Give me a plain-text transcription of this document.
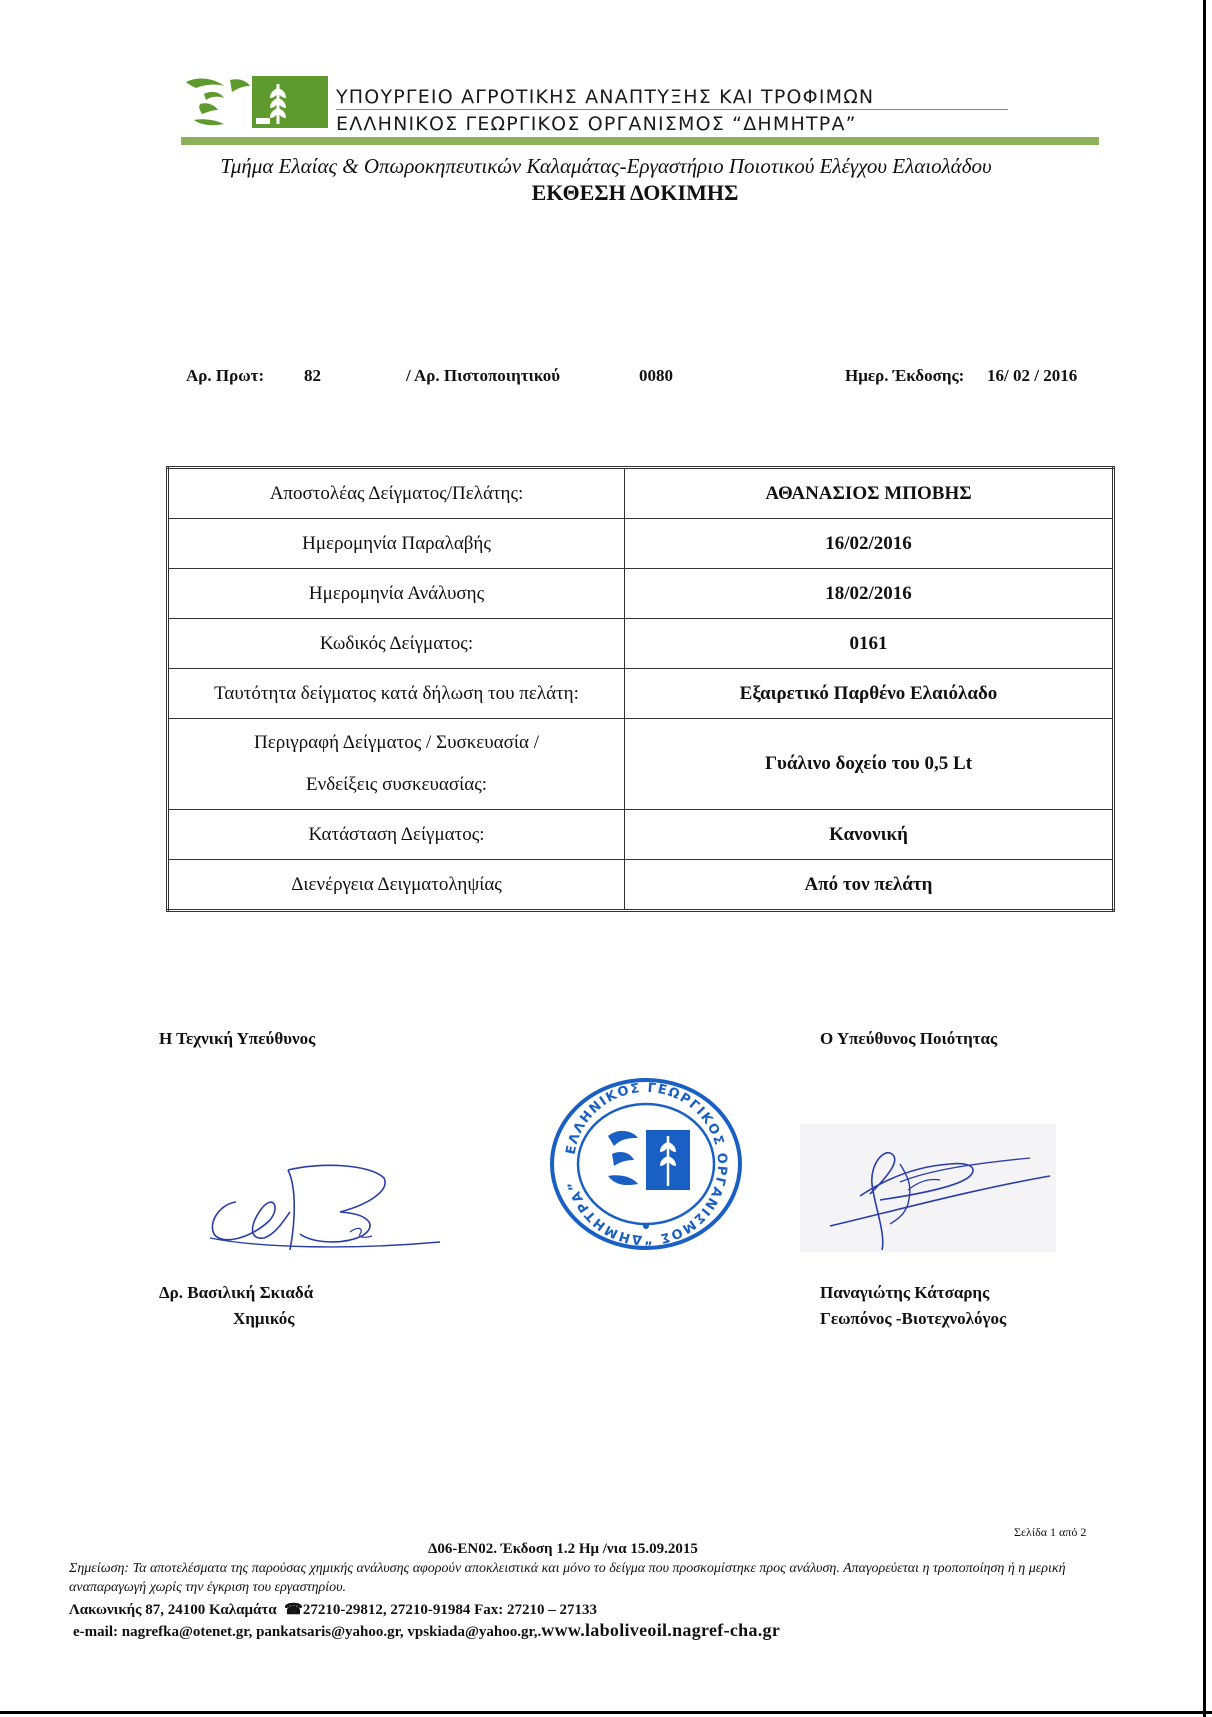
ΥΠΟΥΡΓΕΙΟ ΑΓΡΟΤΙΚΗΣ ΑΝΑΠΤΥΞΗΣ ΚΑΙ ΤΡΟΦΙΜΩΝ
ΕΛΛΗΝΙΚΟΣ ΓΕΩΡΓΙΚΟΣ ΟΡΓΑΝΙΣΜΟΣ “ΔΗΜΗΤΡΑ”
Τμήμα Ελαίας & Οπωροκηπευτικών Καλαμάτας-Εργαστήριο Ποιοτικού Ελέγχου Ελαιολάδου
ΕΚΘΕΣΗ ΔΟΚΙΜΗΣ
Αρ. Πρωτ: 82	/ Αρ. Πιστοποιητικού	0080	Ημερ. Έκδοσης: 16/ 02 / 2016
Αποστολέας Δείγματος/Πελάτης:	ΑΘΑΝΑΣΙΟΣ ΜΠΟΒΗΣ
Ημερομηνία Παραλαβής	16/02/2016
Ημερομηνία Ανάλυσης	18/02/2016
Κωδικός Δείγματος:	0161
Ταυτότητα δείγματος κατά δήλωση του πελάτη:	Εξαιρετικό Παρθένο Ελαιόλαδο

Περιγραφή Δείγματος / Συσκευασία /
Ενδείξεις συσκευασίας:	Γυάλινο δοχείο του 0,5 Lt
Κατάσταση Δείγματος:	Κανονική
Διενέργεια Δειγματοληψίας	Από τον πελάτη
Η Τεχνική Υπεύθυνος	Ο Υπεύθυνος Ποιότητας
ΕΛΛΗΝΙΚΟΣ ΓΕΩΡΓΙΚΟΣ ΟΡΓΑΝΙΣΜΟΣ “ΔΗΜΗΤΡΑ”
Δρ. Βασιλική Σκιαδά
Χημικός
Παναγιώτης Κάτσαρης
Γεωπόνος -Βιοτεχνολόγος
Σελίδα 1 από 2
Δ06-ΕΝ02. Έκδοση 1.2 Ημ /νια 15.09.2015
Σημείωση: Τα αποτελέσματα της παρούσας χημικής ανάλυσης αφορούν αποκλειστικά και μόνο το δείγμα που προσκομίστηκε προς ανάλυση. Απαγορεύεται η τροποποίηση ή η μερική αναπαραγωγή χωρίς την έγκριση του εργαστηρίου.
Λακωνικής 87, 24100 Καλαμάτα  ☎27210-29812, 27210-91984 Fax: 27210 – 27133
e-mail: nagrefka@otenet.gr, pankatsaris@yahoo.gr, vpskiada@yahoo.gr,.www.laboliveoil.nagref-cha.gr
